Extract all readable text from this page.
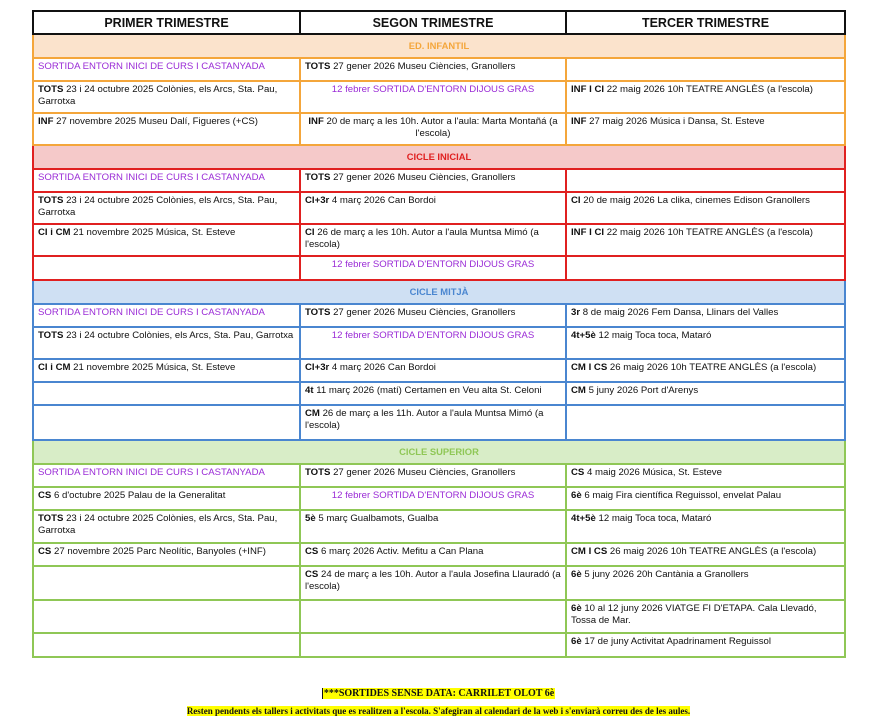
PRIMER TRIMESTRE	SEGON TRIMESTRE	TERCER TRIMESTRE
ED. INFANTIL		
SORTIDA ENTORN INICI DE CURS I CASTANYADA	TOTS 27 gener 2026 Museu Ciències, Granollers	
TOTS 23 i 24 octubre 2025 Colònies, els Arcs, Sta. Pau, Garrotxa	12 febrer SORTIDA D'ENTORN DIJOUS GRAS	INF I CI 22 maig 2026 10h TEATRE ANGLÈS (a l'escola)
INF 27 novembre 2025 Museu Dalí, Figueres (+CS)	INF 20 de març a les 10h. Autor a l'aula: Marta Montañá (a l'escola)	INF 27 maig 2026 Música i Dansa, St. Esteve
CICLE INICIAL		
SORTIDA ENTORN INICI DE CURS I CASTANYADA	TOTS 27 gener 2026 Museu Ciències, Granollers	
TOTS 23 i 24 octubre 2025 Colònies, els Arcs, Sta. Pau, Garrotxa	CI+3r 4 març 2026 Can Bordoi	CI 20 de maig 2026 La clika, cinemes Edison Granollers
CI i CM 21 novembre 2025 Música, St. Esteve	CI 26 de març a les 10h. Autor a l'aula Muntsa Mimó (a l'escola)	INF I CI 22 maig 2026 10h TEATRE ANGLÈS (a l'escola)
	12 febrer SORTIDA D'ENTORN DIJOUS GRAS	
CICLE MITJÀ		
SORTIDA ENTORN INICI DE CURS I CASTANYADA	TOTS 27 gener 2026 Museu Ciències, Granollers	3r 8 de maig 2026 Fem Dansa, Llinars del Valles
TOTS 23 i 24 octubre Colònies, els Arcs, Sta. Pau, Garrotxa	12 febrer SORTIDA D'ENTORN DIJOUS GRAS	4t+5è 12 maig Toca toca, Mataró
CI i CM 21 novembre 2025 Música, St. Esteve	CI+3r 4 març 2026 Can Bordoi	CM I CS 26 maig 2026 10h TEATRE ANGLÈS (a l'escola)
	4t 11 març 2026 (matí) Certamen en Veu alta St. Celoni	CM 5 juny 2026 Port d'Arenys
	CM 26 de març a les 11h. Autor a l'aula Muntsa Mimó (a l'escola)	
CICLE SUPERIOR		
SORTIDA ENTORN INICI DE CURS I CASTANYADA	TOTS 27 gener 2026 Museu Ciències, Granollers	CS 4 maig 2026 Música, St. Esteve
CS 6 d'octubre 2025 Palau de la Generalitat	12 febrer SORTIDA D'ENTORN DIJOUS GRAS	6è 6 maig Fira científica Reguissol, envelat Palau
TOTS 23 i 24 octubre 2025 Colònies, els Arcs, Sta. Pau, Garrotxa	5è 5 març Gualbamots, Gualba	4t+5è 12 maig Toca toca, Mataró
CS 27 novembre 2025 Parc Neolític, Banyoles (+INF)	CS 6 març 2026 Activ. Mefitu a Can Plana	CM I CS 26 maig 2026 10h TEATRE ANGLÈS (a l'escola)
	CS 24 de març a les 10h. Autor a l'aula Josefina Llauradó (a l'escola)	6è 5 juny 2026 20h Cantània a Granollers
		6è 10 al 12 juny 2026 VIATGE FI D'ETAPA. Cala Llevadó, Tossa de Mar.
		6è 17 de juny Activitat Apadrinament Reguissol
***SORTIDES SENSE DATA: CARRILET OLOT 6è
Resten pendents els tallers i activitats que es realitzen a l'escola. S'afegiran al calendari de la web i s'enviarà correu des de les aules.
